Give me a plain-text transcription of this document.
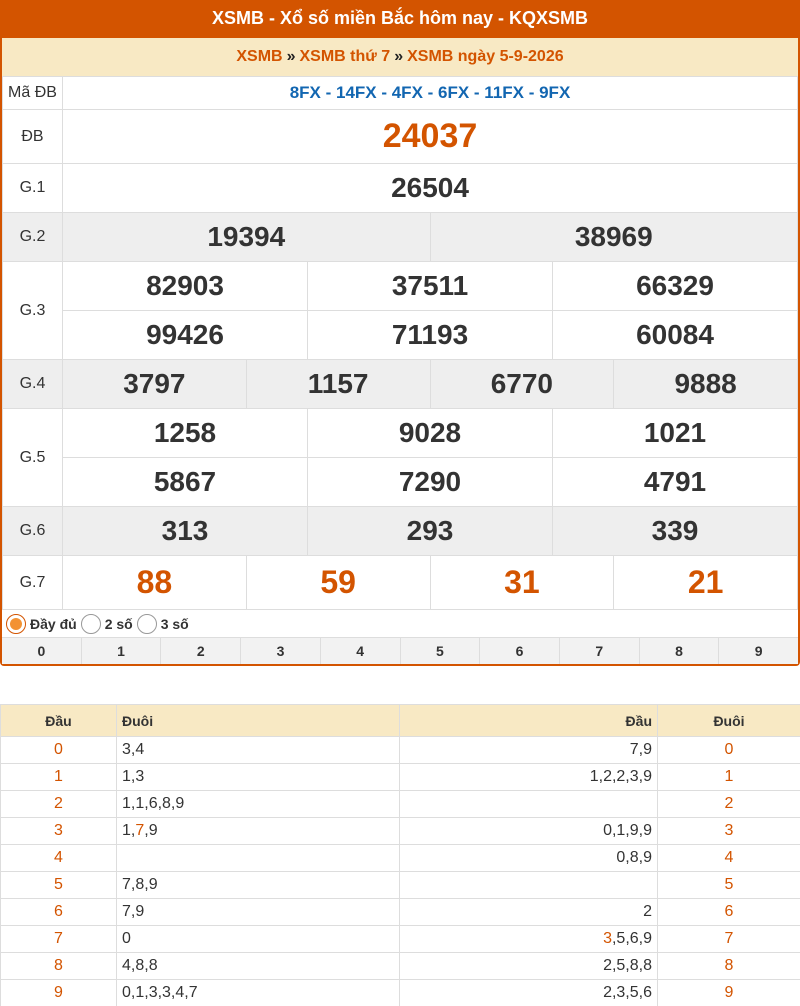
XSMB - Xổ số miền Bắc hôm nay - KQXSMB
XSMB » XSMB thứ 7 » XSMB ngày 5-9-2026
Mã ĐB	8FX - 14FX - 4FX - 6FX - 11FX - 9FX					
ĐB	24037					
G.1	26504					
G.2	19394			38969		
G.3	82903		37511		66329	
	99426		71193		60084	
G.4	3797	1157		6770		9888
G.5	1258		9028		1021	
	5867		7290		4791	
G.6	313		293		339	
G.7	88	59		31		21
Đầy đủ 2 số 3 số
0	1	2	3	4	5	6	7	8	9
Đầu	Đuôi	Đầu	Đuôi
0	3,4	7,9	0
1	1,3	1,2,2,3,9	1
2	1,1,6,8,9		2
3	1,7,9	0,1,9,9	3
4		0,8,9	4
5	7,8,9		5
6	7,9	2	6
7	0	3,5,6,9	7
8	4,8,8	2,5,8,8	8
9	0,1,3,3,4,7	2,3,5,6	9
